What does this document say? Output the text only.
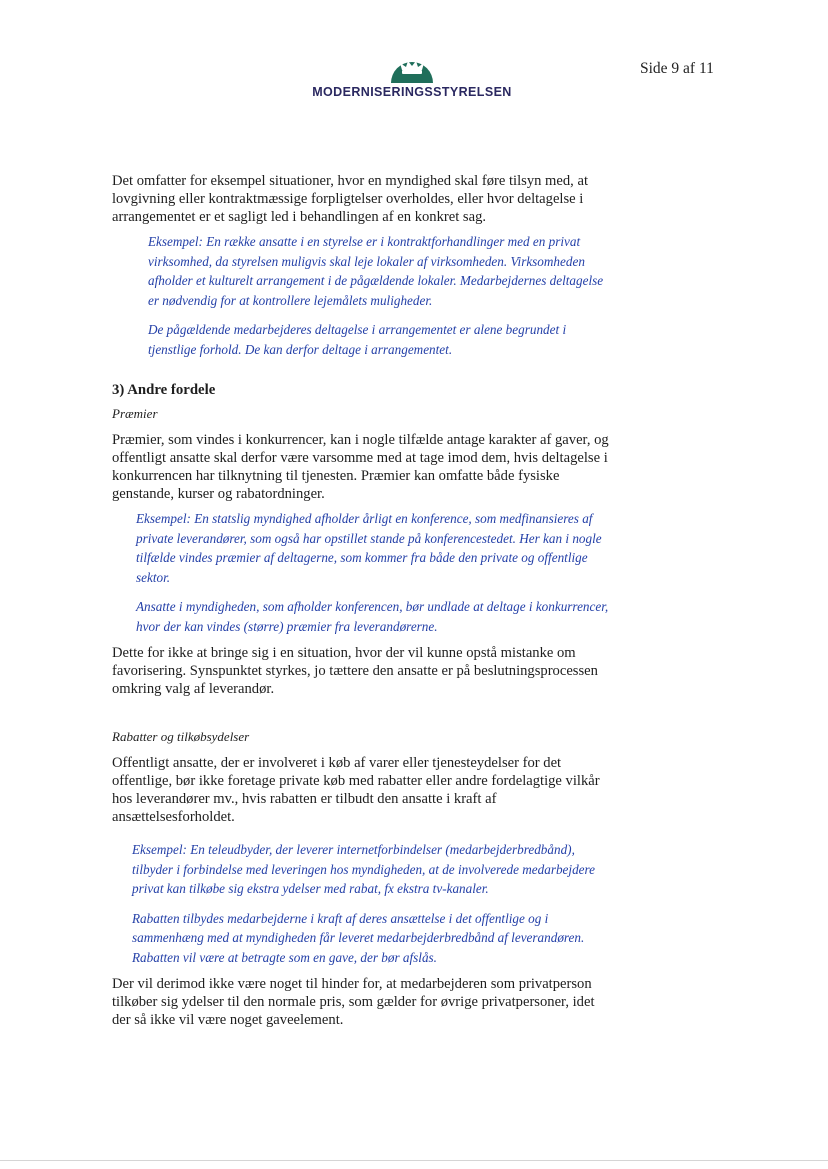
MODERNISERINGSSTYRELSEN
Side 9 af 11

Det omfatter for eksempel situationer, hvor en myndighed skal føre tilsyn med, at lovgivning eller kontraktmæssige forpligtelser overholdes, eller hvor deltagelse i arrangementet er et sagligt led i behandlingen af en konkret sag.

Eksempel: En række ansatte i en styrelse er i kontraktforhandlinger med en privat virksomhed, da styrelsen muligvis skal leje lokaler af virksomheden. Virksomheden afholder et kulturelt arrangement i de pågældende lokaler. Medarbejdernes deltagelse er nødvendig for at kontrollere lejemålets muligheder.

De pågældende medarbejderes deltagelse i arrangementet er alene begrundet i tjenstlige forhold. De kan derfor deltage i arrangementet.

3) Andre fordele

Præmier

Præmier, som vindes i konkurrencer, kan i nogle tilfælde antage karakter af gaver, og offentligt ansatte skal derfor være varsomme med at tage imod dem, hvis deltagelse i konkurrencen har tilknytning til tjenesten. Præmier kan omfatte både fysiske genstande, kurser og rabatordninger.

Eksempel: En statslig myndighed afholder årligt en konference, som medfinansieres af private leverandører, som også har opstillet stande på konferencestedet. Her kan i nogle tilfælde vindes præmier af deltagerne, som kommer fra både den private og offentlige sektor.

Ansatte i myndigheden, som afholder konferencen, bør undlade at deltage i konkurrencer, hvor der kan vindes (større) præmier fra leverandørerne.

Dette for ikke at bringe sig i en situation, hvor der vil kunne opstå mistanke om favorisering. Synspunktet styrkes, jo tættere den ansatte er på beslutningsprocessen omkring valg af leverandør.

Rabatter og tilkøbsydelser

Offentligt ansatte, der er involveret i køb af varer eller tjenesteydelser for det offentlige, bør ikke foretage private køb med rabatter eller andre fordelagtige vilkår hos leverandører mv., hvis rabatten er tilbudt den ansatte i kraft af ansættelsesforholdet.

Eksempel: En teleudbyder, der leverer internetforbindelser (medarbejderbredbånd), tilbyder i forbindelse med leveringen hos myndigheden, at de involverede medarbejdere privat kan tilkøbe sig ekstra ydelser med rabat, fx ekstra tv-kanaler.

Rabatten tilbydes medarbejderne i kraft af deres ansættelse i det offentlige og i sammenhæng med at myndigheden får leveret medarbejderbredbånd af leverandøren. Rabatten vil være at betragte som en gave, der bør afslås.

Der vil derimod ikke være noget til hinder for, at medarbejderen som privatperson tilkøber sig ydelser til den normale pris, som gælder for øvrige privatpersoner, idet der så ikke vil være noget gaveelement.
